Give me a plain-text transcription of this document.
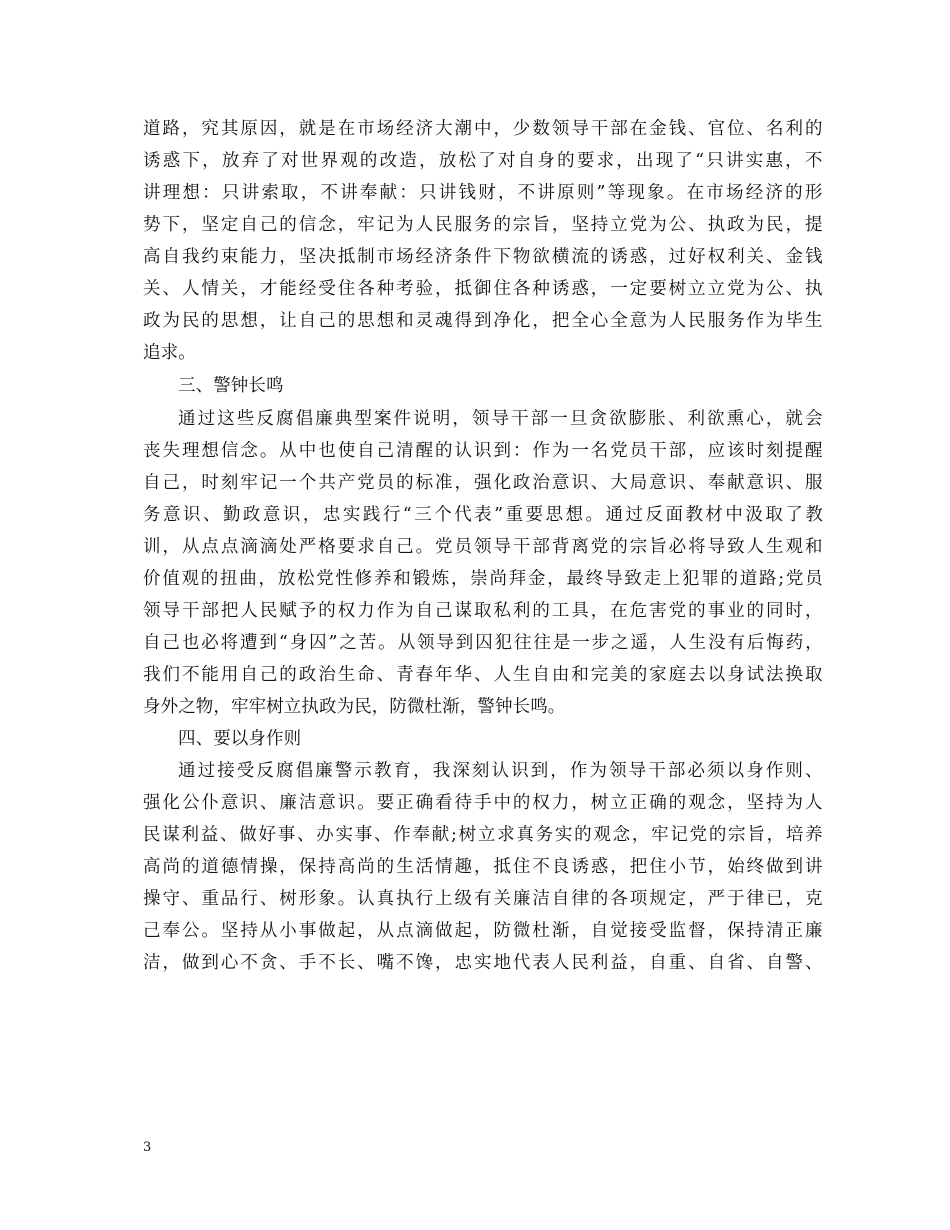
道 路 ， 究 其 原 因 ， 就 是 在 市 场 经 济 大 潮 中 ， 少 数 领 导 干 部 在 金 钱 、 官 位 、 名 利 的
诱 惑 下 ， 放 弃 了 对 世 界 观 的 改 造 ， 放 松 了 对 自 身 的 要 求 ， 出 现 了 “ 只 讲 实 惠 ， 不
讲 理 想 ： 只 讲 索 取 ， 不 讲 奉 献 ： 只 讲 钱 财 ， 不 讲 原 则 ” 等 现 象 。 在 市 场 经 济 的 形
势 下 ， 坚 定 自 己 的 信 念 ， 牢 记 为 人 民 服 务 的 宗 旨 ， 坚 持 立 党 为 公 、 执 政 为 民 ， 提
高 自 我 约 束 能 力 ， 坚 决 抵 制 市 场 经 济 条 件 下 物 欲 横 流 的 诱 惑 ， 过 好 权 利 关 、 金 钱
关 、 人 情 关 ， 才 能 经 受 住 各 种 考 验 ， 抵 御 住 各 种 诱 惑 ， 一 定 要 树 立 立 党 为 公 、 执
政 为 民 的 思 想 ， 让 自 己 的 思 想 和 灵 魂 得 到 净 化 ， 把 全 心 全 意 为 人 民 服 务 作 为 毕 生
追求。
三、警钟长鸣
通 过 这 些 反 腐 倡 廉 典 型 案 件 说 明 ， 领 导 干 部 一 旦 贪 欲 膨 胀 、 利 欲 熏 心 ， 就 会
丧 失 理 想 信 念 。 从 中 也 使 自 己 清 醒 的 认 识 到 ： 作 为 一 名 党 员 干 部 ， 应 该 时 刻 提 醒
自 己 ， 时 刻 牢 记 一 个 共 产 党 员 的 标 准 ， 强 化 政 治 意 识 、 大 局 意 识 、 奉 献 意 识 、 服
务 意 识 、 勤 政 意 识 ， 忠 实 践 行 “ 三 个 代 表 ” 重 要 思 想 。 通 过 反 面 教 材 中 汲 取 了 教
训 ， 从 点 点 滴 滴 处 严 格 要 求 自 己 。 党 员 领 导 干 部 背 离 党 的 宗 旨 必 将 导 致 人 生 观 和
价 值 观 的 扭 曲 ， 放 松 党 性 修 养 和 锻 炼 ， 崇 尚 拜 金 ， 最 终 导 致 走 上 犯 罪 的 道 路 ; 党 员
领 导 干 部 把 人 民 赋 予 的 权 力 作 为 自 己 谋 取 私 利 的 工 具 ， 在 危 害 党 的 事 业 的 同 时 ，
自 己 也 必 将 遭 到 “ 身 囚 ” 之 苦 。 从 领 导 到 囚 犯 往 往 是 一 步 之 遥 ， 人 生 没 有 后 悔 药 ，
我 们 不 能 用 自 己 的 政 治 生 命 、 青 春 年 华 、 人 生 自 由 和 完 美 的 家 庭 去 以 身 试 法 换 取
身外之物，牢牢树立执政为民，防微杜渐，警钟长鸣。
四、要以身作则
通 过 接 受 反 腐 倡 廉 警 示 教 育 ， 我 深 刻 认 识 到 ， 作 为 领 导 干 部 必 须 以 身 作 则 、
强 化 公 仆 意 识 、 廉 洁 意 识 。 要 正 确 看 待 手 中 的 权 力 ， 树 立 正 确 的 观 念 ， 坚 持 为 人
民 谋 利 益 、 做 好 事 、 办 实 事 、 作 奉 献 ; 树 立 求 真 务 实 的 观 念 ， 牢 记 党 的 宗 旨 ， 培 养
高 尚 的 道 德 情 操 ， 保 持 高 尚 的 生 活 情 趣 ， 抵 住 不 良 诱 惑 ， 把 住 小 节 ， 始 终 做 到 讲
操 守 、 重 品 行 、 树 形 象 。 认 真 执 行 上 级 有 关 廉 洁 自 律 的 各 项 规 定 ， 严 于 律 已 ， 克
己 奉 公 。 坚 持 从 小 事 做 起 ， 从 点 滴 做 起 ， 防 微 杜 渐 ， 自 觉 接 受 监 督 ， 保 持 清 正 廉
洁 ， 做 到 心 不 贪 、 手 不 长 、 嘴 不 馋 ， 忠 实 地 代 表 人 民 利 益 ， 自 重 、 自 省 、 自 警 、
3
